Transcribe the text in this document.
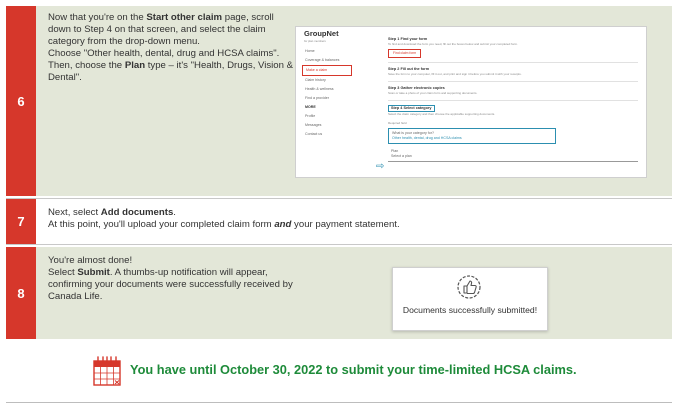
6

Now that you're on the Start other claim page, scroll down to Step 4 on that screen, and select the claim category from the drop-down menu.

Choose "Other health, dental, drug and HCSA claims".

Then, choose the Plan type – it's "Health, Drugs, Vision & Dental".

GroupNet
for plan members
Home
Coverage & balances
Make a claim
Claim history
Health & wellness
Find a provider
MORE
Profile
Messages
Contact us
Step 1 Find your form
To find and download the form you need, fill out the boxes below and submit your completed form.
Find claim form
Step 2 Fill out the form
Save the form to your computer, fill it out, and print and sign it before you submit it with your receipts.
Step 3 Gather electronic copies
Scan or take a photo of your claim form and supporting documents.
Step 4 Select category
Select the claim category and then choose the applicable supporting documents.
Required field
What is your category for?
Other health, dental, drug and HCSA claims
Plan
Select a plan
⇨
7

Next, select Add documents.

At this point, you'll upload your completed claim form and your payment statement.

8

You're almost done!

Select Submit. A thumbs-up notification will appear, confirming your documents were successfully received by Canada Life.

Documents successfully submitted!
You have until October 30, 2022 to submit your time-limited HCSA claims.
